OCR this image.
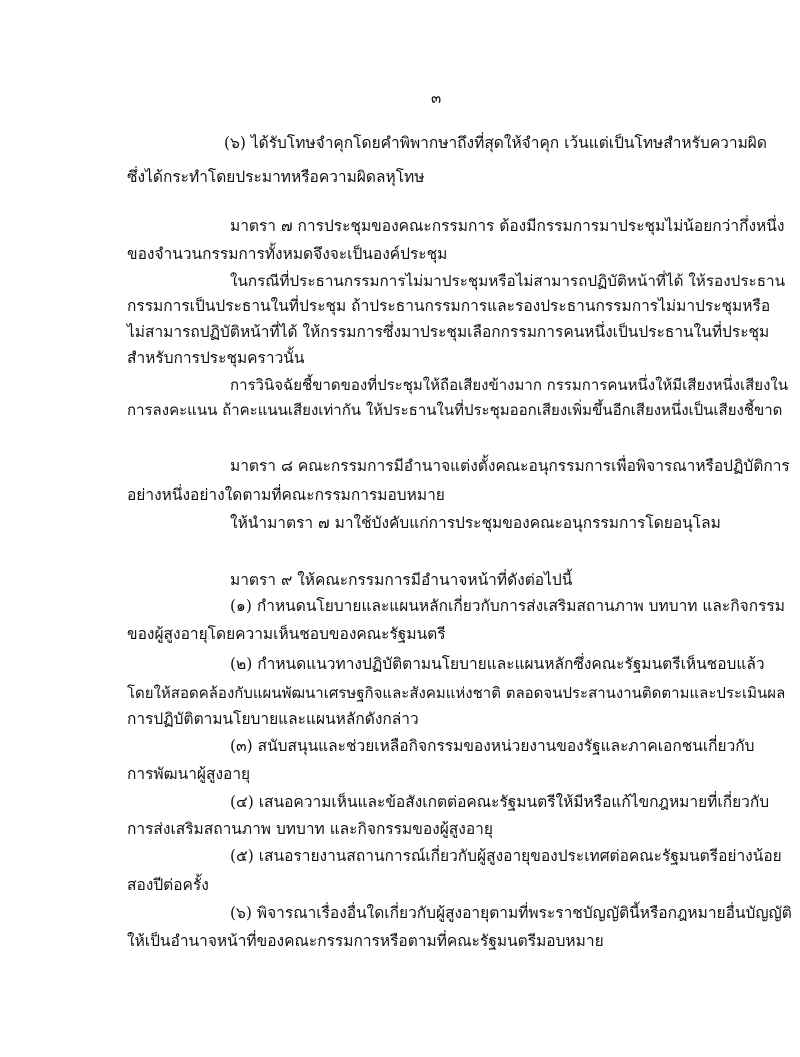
๓
(๖) ได้รับโทษจำคุกโดยคำพิพากษาถึงที่สุดให้จำคุก เว้นแต่เป็นโทษสำหรับความผิด
ซึ่งได้กระทำโดยประมาทหรือความผิดลหุโทษ
มาตรา ๗ การประชุมของคณะกรรมการ ต้องมีกรรมการมาประชุมไม่น้อยกว่ากึ่งหนึ่ง
ของจำนวนกรรมการทั้งหมดจึงจะเป็นองค์ประชุม
ในกรณีที่ประธานกรรมการไม่มาประชุมหรือไม่สามารถปฏิบัติหน้าที่ได้ ให้รองประธาน
กรรมการเป็นประธานในที่ประชุม ถ้าประธานกรรมการและรองประธานกรรมการไม่มาประชุมหรือ
ไม่สามารถปฏิบัติหน้าที่ได้ ให้กรรมการซึ่งมาประชุมเลือกกรรมการคนหนึ่งเป็นประธานในที่ประชุม
สำหรับการประชุมคราวนั้น
การวินิจฉัยชี้ขาดของที่ประชุมให้ถือเสียงข้างมาก กรรมการคนหนึ่งให้มีเสียงหนึ่งเสียงใน
การลงคะแนน ถ้าคะแนนเสียงเท่ากัน ให้ประธานในที่ประชุมออกเสียงเพิ่มขึ้นอีกเสียงหนึ่งเป็นเสียงชี้ขาด
มาตรา ๘ คณะกรรมการมีอำนาจแต่งตั้งคณะอนุกรรมการเพื่อพิจารณาหรือปฏิบัติการ
อย่างหนึ่งอย่างใดตามที่คณะกรรมการมอบหมาย
ให้นำมาตรา ๗ มาใช้บังคับแก่การประชุมของคณะอนุกรรมการโดยอนุโลม
มาตรา ๙ ให้คณะกรรมการมีอำนาจหน้าที่ดังต่อไปนี้
(๑) กำหนดนโยบายและแผนหลักเกี่ยวกับการส่งเสริมสถานภาพ บทบาท และกิจกรรม
ของผู้สูงอายุโดยความเห็นชอบของคณะรัฐมนตรี
(๒) กำหนดแนวทางปฏิบัติตามนโยบายและแผนหลักซึ่งคณะรัฐมนตรีเห็นชอบแล้ว
โดยให้สอดคล้องกับแผนพัฒนาเศรษฐกิจและสังคมแห่งชาติ ตลอดจนประสานงานติดตามและประเมินผล
การปฏิบัติตามนโยบายและแผนหลักดังกล่าว
(๓) สนับสนุนและช่วยเหลือกิจกรรมของหน่วยงานของรัฐและภาคเอกชนเกี่ยวกับ
การพัฒนาผู้สูงอายุ
(๔) เสนอความเห็นและข้อสังเกตต่อคณะรัฐมนตรีให้มีหรือแก้ไขกฎหมายที่เกี่ยวกับ
การส่งเสริมสถานภาพ บทบาท และกิจกรรมของผู้สูงอายุ
(๕) เสนอรายงานสถานการณ์เกี่ยวกับผู้สูงอายุของประเทศต่อคณะรัฐมนตรีอย่างน้อย
สองปีต่อครั้ง
(๖) พิจารณาเรื่องอื่นใดเกี่ยวกับผู้สูงอายุตามที่พระราชบัญญัตินี้หรือกฎหมายอื่นบัญญัติ
ให้เป็นอำนาจหน้าที่ของคณะกรรมการหรือตามที่คณะรัฐมนตรีมอบหมาย
